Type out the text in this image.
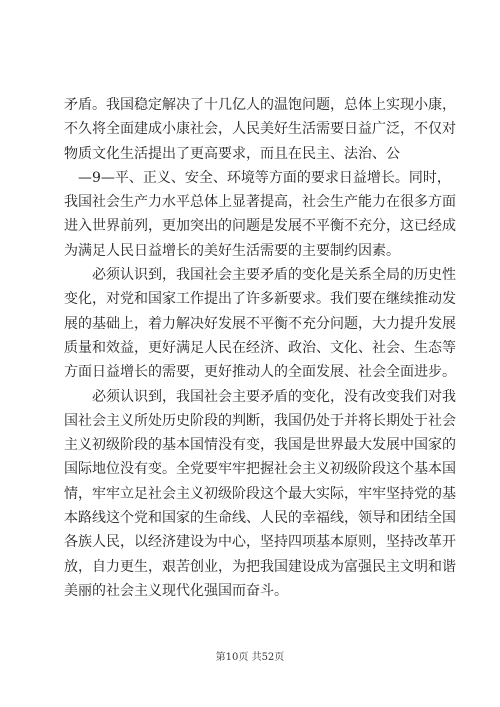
矛盾。我国稳定解决了十几亿人的温饱问题，总体上实现小康，
不久将全面建成小康社会，人民美好生活需要日益广泛，不仅对
物质文化生活提出了更高要求，而且在民主、法治、公
—9—平、正义、安全、环境等方面的要求日益增长。同时，
我国社会生产力水平总体上显著提高，社会生产能力在很多方面
进入世界前列，更加突出的问题是发展不平衡不充分，这已经成
为满足人民日益增长的美好生活需要的主要制约因素。
必须认识到，我国社会主要矛盾的变化是关系全局的历史性
变化，对党和国家工作提出了许多新要求。我们要在继续推动发
展的基础上，着力解决好发展不平衡不充分问题，大力提升发展
质量和效益，更好满足人民在经济、政治、文化、社会、生态等
方面日益增长的需要，更好推动人的全面发展、社会全面进步。
必须认识到，我国社会主要矛盾的变化，没有改变我们对我
国社会主义所处历史阶段的判断，我国仍处于并将长期处于社会
主义初级阶段的基本国情没有变，我国是世界最大发展中国家的
国际地位没有变。全党要牢牢把握社会主义初级阶段这个基本国
情，牢牢立足社会主义初级阶段这个最大实际，牢牢坚持党的基
本路线这个党和国家的生命线、人民的幸福线，领导和团结全国
各族人民，以经济建设为中心，坚持四项基本原则，坚持改革开
放，自力更生，艰苦创业，为把我国建设成为富强民主文明和谐
美丽的社会主义现代化强国而奋斗。
第10页 共52页
